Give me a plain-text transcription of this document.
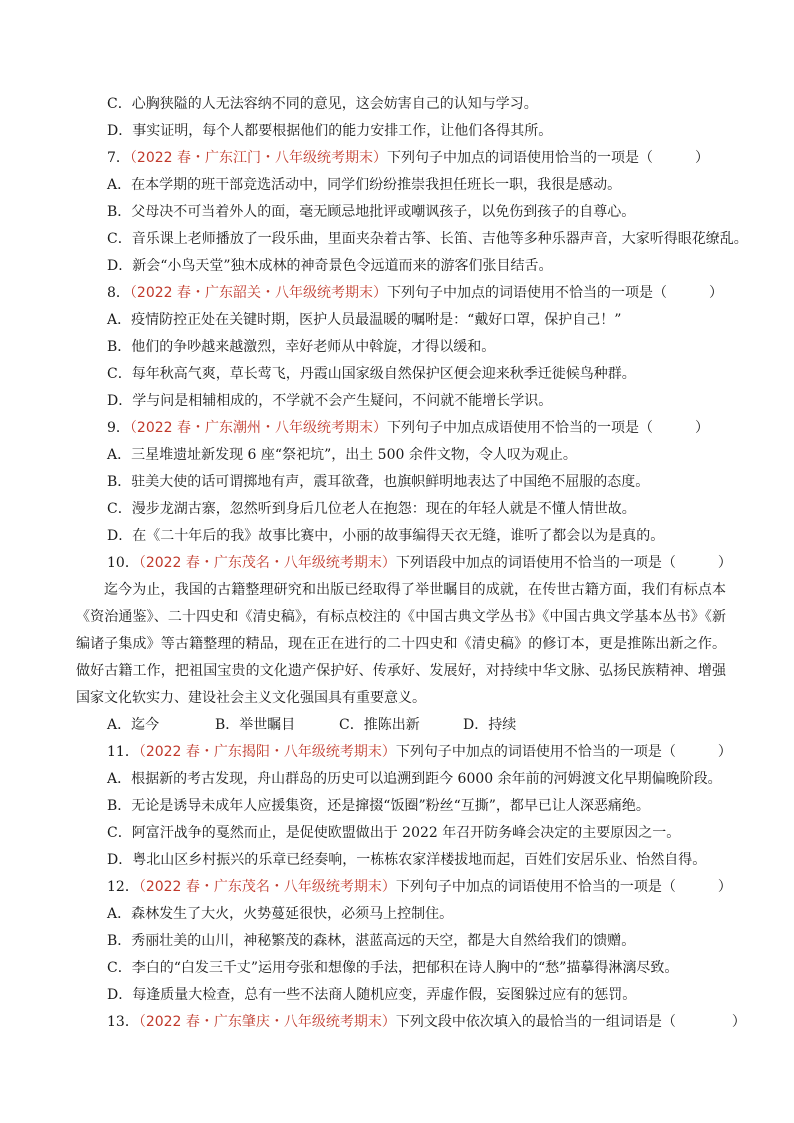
C．心胸狭隘的人无法容纳不同的意见，这会妨害自己的认知与学习。
D．事实证明，每个人都要根据他们的能力安排工作，让他们各得其所。
7．（2022 春・广东江门・八年级统考期末）下列句子中加点的词语使用恰当的一项是（　　　）
A．在本学期的班干部竞选活动中，同学们纷纷推崇我担任班长一职，我很是感动。
B．父母决不可当着外人的面，毫无顾忌地批评或嘲讽孩子，以免伤到孩子的自尊心。
C．音乐课上老师播放了一段乐曲，里面夹杂着古筝、长笛、吉他等多种乐器声音，大家听得眼花缭乱。
D．新会“小鸟天堂”独木成林的神奇景色令远道而来的游客们张目结舌。
8．（2022 春・广东韶关・八年级统考期末）下列句子中加点的词语使用不恰当的一项是（　　　）
A．疫情防控正处在关键时期，医护人员最温暖的嘱咐是：“戴好口罩，保护自己！”
B．他们的争吵越来越激烈，幸好老师从中斡旋，才得以缓和。
C．每年秋高气爽，草长莺飞，丹霞山国家级自然保护区便会迎来秋季迁徙候鸟种群。
D．学与问是相辅相成的，不学就不会产生疑问，不问就不能增长学识。
9．（2022 春・广东潮州・八年级统考期末）下列句子中加点成语使用不恰当的一项是（　　　）
A．三星堆遗址新发现 6 座“祭祀坑”，出土 500 余件文物，令人叹为观止。
B．驻美大使的话可谓掷地有声，震耳欲聋，也旗帜鲜明地表达了中国绝不屈服的态度。
C．漫步龙湖古寨，忽然听到身后几位老人在抱怨：现在的年轻人就是不懂人情世故。
D．在《二十年后的我》故事比赛中，小丽的故事编得天衣无缝，谁听了都会以为是真的。
10．（2022 春・广东茂名・八年级统考期末）下列语段中加点的词语使用不恰当的一项是（　　　）
迄今为止，我国的古籍整理研究和出版已经取得了举世瞩目的成就，在传世古籍方面，我们有标点本《资治通鉴》、二十四史和《清史稿》，有标点校注的《中国古典文学丛书》《中国古典文学基本丛书》《新编诸子集成》等古籍整理的精品，现在正在进行的二十四史和《清史稿》的修订本，更是推陈出新之作。做好古籍工作，把祖国宝贵的文化遗产保护好、传承好、发展好，对持续中华文脉、弘扬民族精神、增强国家文化软实力、建设社会主义文化强国具有重要意义。
A．迄今	B．举世瞩目	C．推陈出新	D．持续
11．（2022 春・广东揭阳・八年级统考期末）下列句子中加点的词语使用不恰当的一项是（　　　）
A．根据新的考古发现，舟山群岛的历史可以追溯到距今 6000 余年前的河姆渡文化早期偏晚阶段。
B．无论是诱导未成年人应援集资，还是撺掇“饭圈”粉丝“互撕”，都早已让人深恶痛绝。
C．阿富汗战争的戛然而止，是促使欧盟做出于 2022 年召开防务峰会决定的主要原因之一。
D．粤北山区乡村振兴的乐章已经奏响，一栋栋农家洋楼拔地而起，百姓们安居乐业、怡然自得。
12．（2022 春・广东茂名・八年级统考期末）下列句子中加点的词语使用不恰当的一项是（　　　）
A．森林发生了大火，火势蔓延很快，必须马上控制住。
B．秀丽壮美的山川，神秘繁茂的森林，湛蓝高远的天空，都是大自然给我们的馈赠。
C．李白的“白发三千丈”运用夸张和想像的手法，把郁积在诗人胸中的“愁”描摹得淋漓尽致。
D．每逢质量大检查，总有一些不法商人随机应变，弄虚作假，妄图躲过应有的惩罚。
13．（2022 春・广东肇庆・八年级统考期末）下列文段中依次填入的最恰当的一组词语是（　　　　）
